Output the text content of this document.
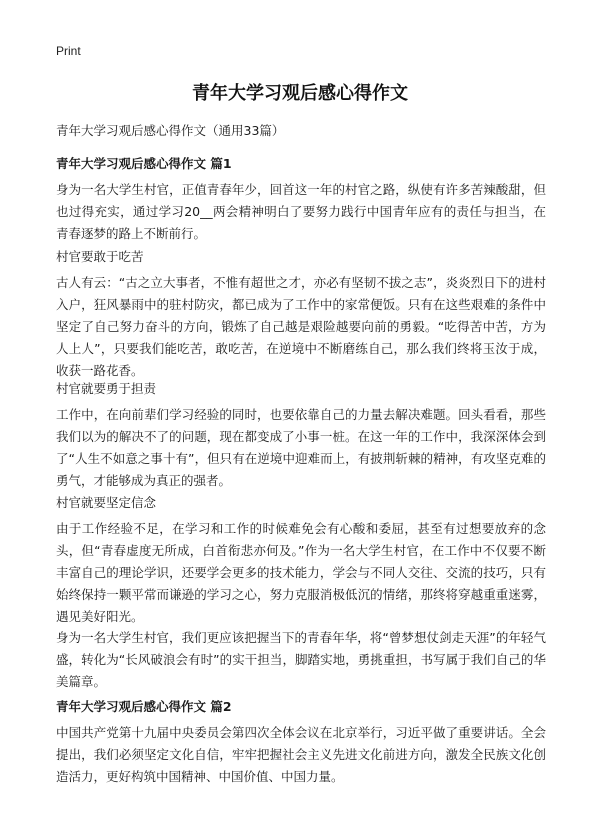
Print
青年大学习观后感心得作文
青年大学习观后感心得作文（通用33篇）
青年大学习观后感心得作文 篇1
身为一名大学生村官，正值青春年少，回首这一年的村官之路，纵使有许多苦辣酸甜，但也过得充实，通过学习20__两会精神明白了要努力践行中国青年应有的责任与担当，在青春逐梦的路上不断前行。
村官要敢于吃苦
古人有云：“古之立大事者，不惟有超世之才，亦必有坚韧不拔之志”，炎炎烈日下的进村入户，狂风暴雨中的驻村防灾，都已成为了工作中的家常便饭。只有在这些艰难的条件中坚定了自己努力奋斗的方向，锻炼了自己越是艰险越要向前的勇毅。“吃得苦中苦，方为人上人”，只要我们能吃苦，敢吃苦，在逆境中不断磨练自己，那么我们终将玉汝于成，收获一路花香。
村官就要勇于担责
工作中，在向前辈们学习经验的同时，也要依靠自己的力量去解决难题。回头看看，那些我们以为的解决不了的问题，现在都变成了小事一桩。在这一年的工作中，我深深体会到了“人生不如意之事十有”，但只有在逆境中迎难而上，有披荆斩棘的精神，有攻坚克难的勇气，才能够成为真正的强者。
村官就要坚定信念
由于工作经验不足，在学习和工作的时候难免会有心酸和委屈，甚至有过想要放弃的念头，但“青春虚度无所成，白首衔悲亦何及。”作为一名大学生村官，在工作中不仅要不断丰富自己的理论学识，还要学会更多的技术能力，学会与不同人交往、交流的技巧，只有始终保持一颗平常而谦逊的学习之心，努力克服消极低沉的情绪，那终将穿越重重迷雾，遇见美好阳光。
身为一名大学生村官，我们更应该把握当下的青春年华，将“曾梦想仗剑走天涯”的年轻气盛，转化为“长风破浪会有时”的实干担当，脚踏实地，勇挑重担，书写属于我们自己的华美篇章。
青年大学习观后感心得作文 篇2
中国共产党第十九届中央委员会第四次全体会议在北京举行，习近平做了重要讲话。全会提出，我们必须坚定文化自信，牢牢把握社会主义先进文化前进方向，激发全民族文化创造活力，更好构筑中国精神、中国价值、中国力量。
